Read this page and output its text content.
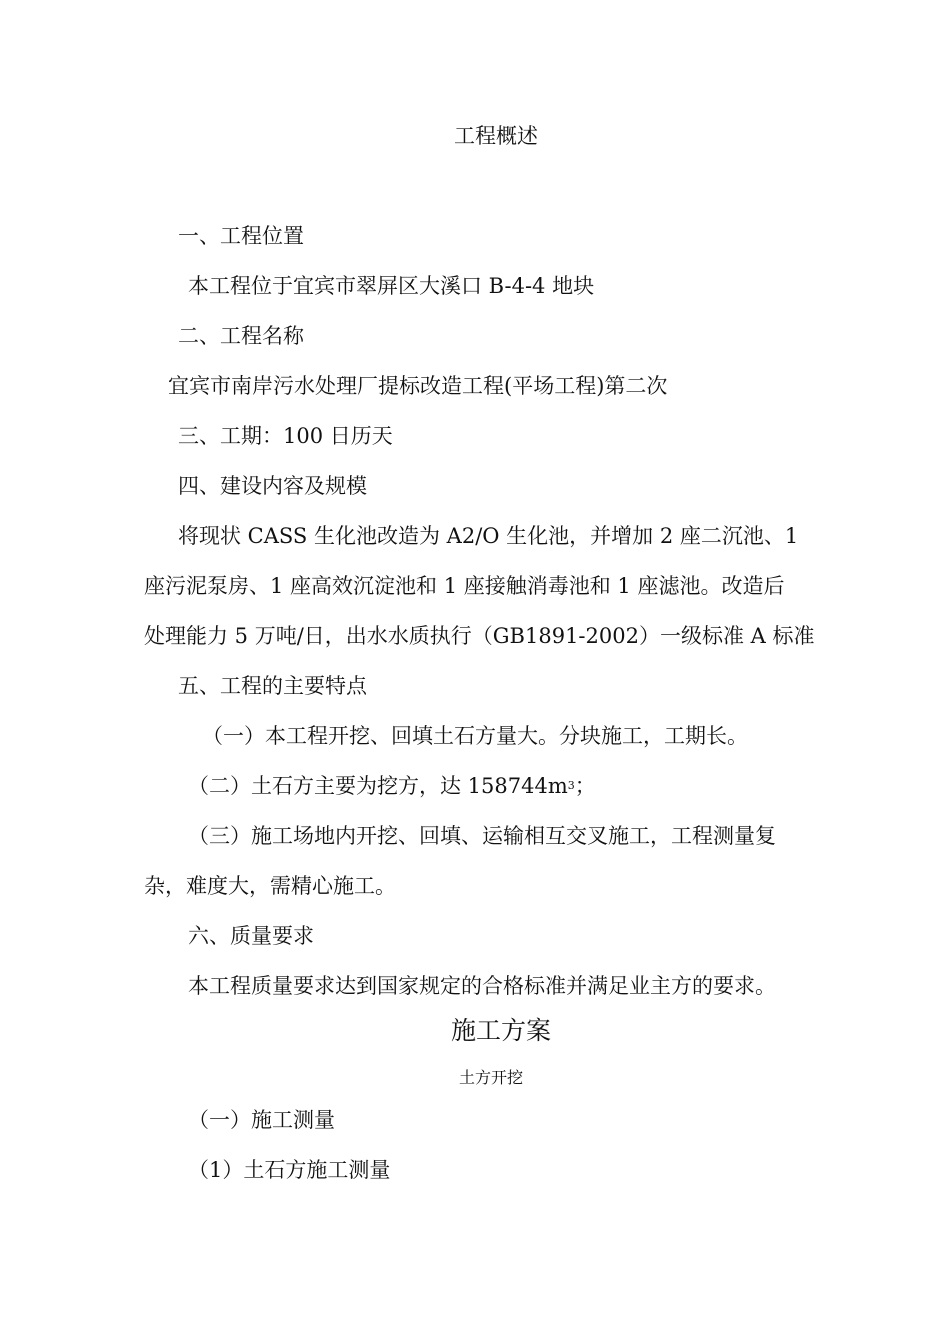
工程概述
一、工程位置
本工程位于宜宾市翠屏区大溪口 B-4-4 地块
二、工程名称
宜宾市南岸污水处理厂提标改造工程(平场工程)第二次
三、工期：100 日历天
四、建设内容及规模
将现状 CASS 生化池改造为 A2/O 生化池，并增加 2 座二沉池、1
座污泥泵房、1 座高效沉淀池和 1 座接触消毒池和 1 座滤池。改造后
处理能力 5 万吨/日，出水水质执行（GB1891-2002）一级标准 A 标准
五、工程的主要特点
（一）本工程开挖、回填土石方量大。分块施工，工期长。
（二）土石方主要为挖方，达 $158744m^3$；
（三）施工场地内开挖、回填、运输相互交叉施工，工程测量复
杂，难度大，需精心施工。
六、质量要求
本工程质量要求达到国家规定的合格标准并满足业主方的要求。
施工方案
土方开挖
（一）施工测量
（1）土石方施工测量
